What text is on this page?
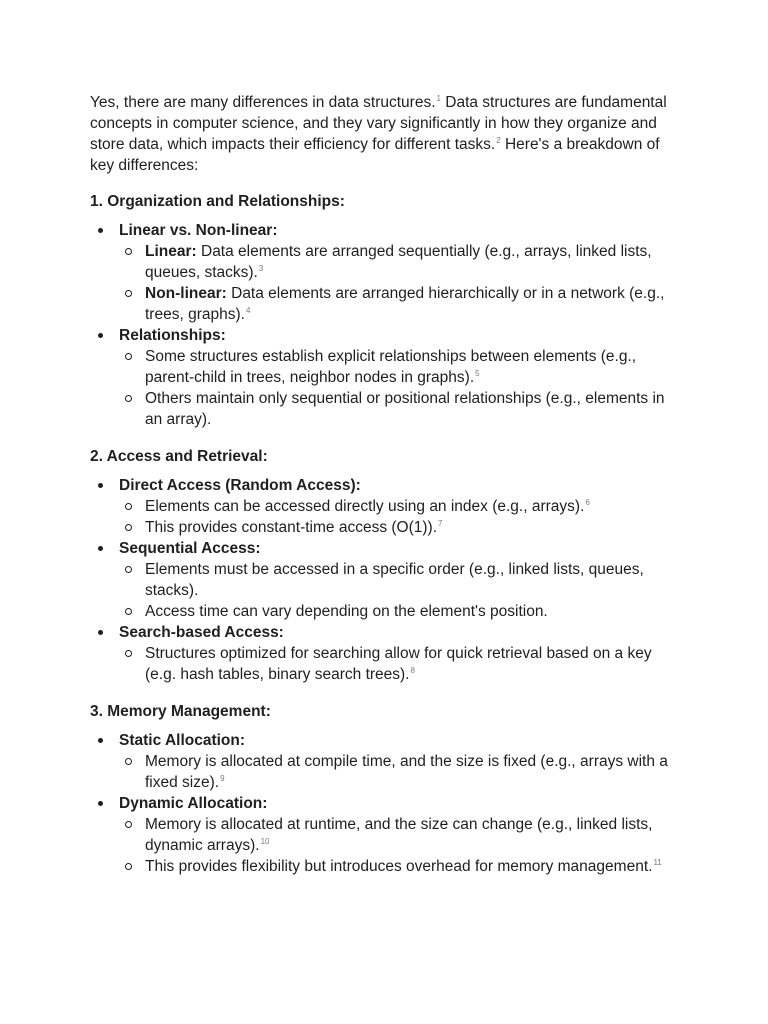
Yes, there are many differences in data structures.$^1$ Data structures are fundamental concepts in computer science, and they vary significantly in how they organize and store data, which impacts their efficiency for different tasks.$^2$ Here's a breakdown of key differences:

1. Organization and Relationships:
Linear vs. Non-linear:
Linear: Data elements are arranged sequentially (e.g., arrays, linked lists, queues, stacks).$^3$
Non-linear: Data elements are arranged hierarchically or in a network (e.g., trees, graphs).$^4$
Relationships:
Some structures establish explicit relationships between elements (e.g., parent-child in trees, neighbor nodes in graphs).$^5$
Others maintain only sequential or positional relationships (e.g., elements in an array).
2. Access and Retrieval:
Direct Access (Random Access):
Elements can be accessed directly using an index (e.g., arrays).$^6$
This provides constant-time access (O(1)).$^7$
Sequential Access:
Elements must be accessed in a specific order (e.g., linked lists, queues, stacks).
Access time can vary depending on the element's position.
Search-based Access:
Structures optimized for searching allow for quick retrieval based on a key (e.g. hash tables, binary search trees).$^8$
3. Memory Management:
Static Allocation:
Memory is allocated at compile time, and the size is fixed (e.g., arrays with a fixed size).$^9$
Dynamic Allocation:
Memory is allocated at runtime, and the size can change (e.g., linked lists, dynamic arrays).$^{10}$
This provides flexibility but introduces overhead for memory management.$^{11}$
